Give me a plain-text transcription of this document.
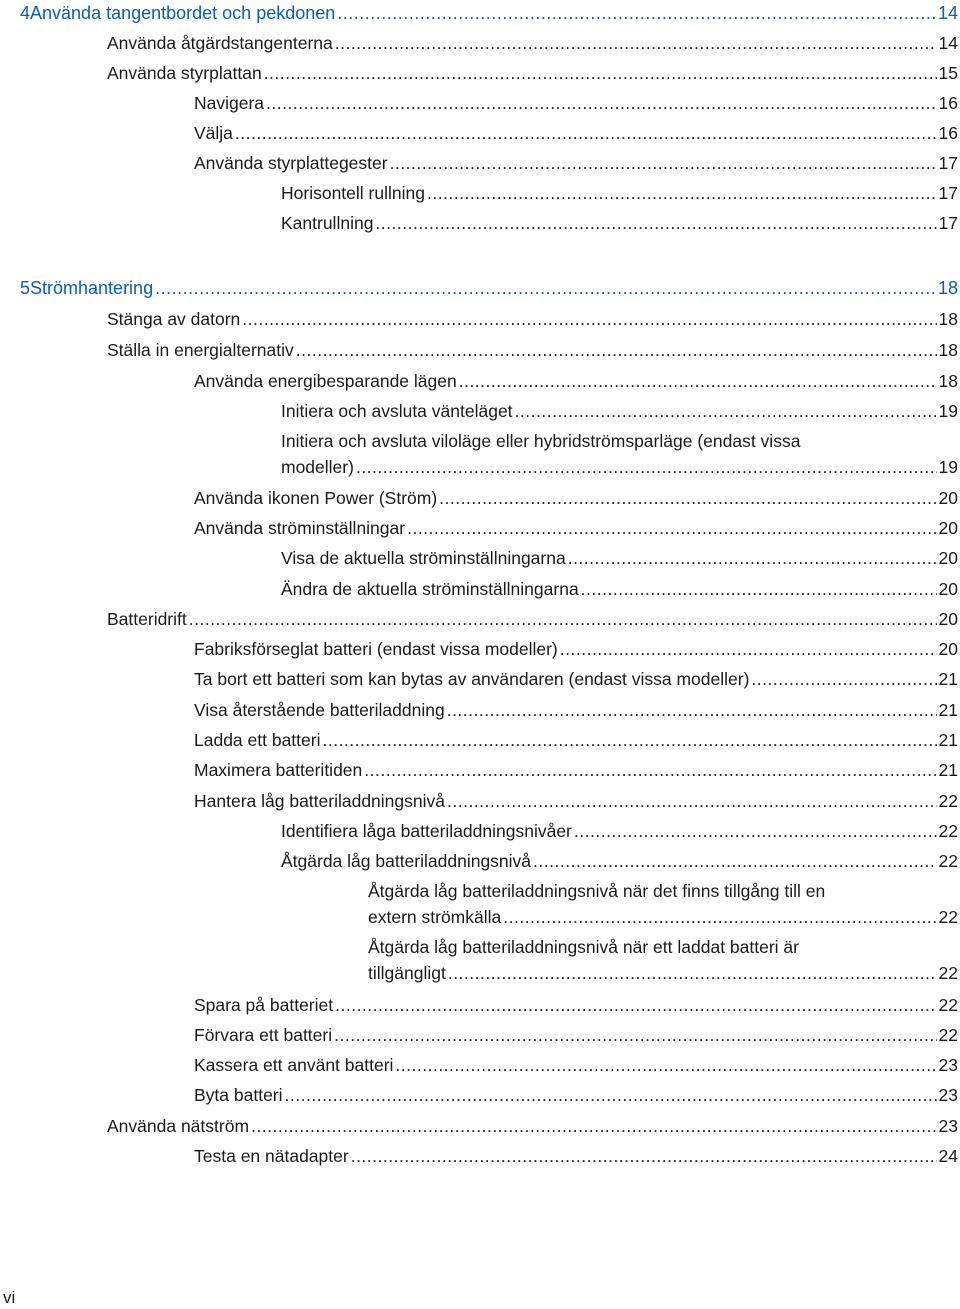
4 Använda tangentbordet och pekdonen .....	14
Använda åtgärdstangenterna .....	14
Använda styrplattan .....	15
Navigera .....	16
Välja .....	16
Använda styrplattegester .....	17
Horisontell rullning .....	17
Kantrullning .....	17
5 Strömhantering .....	18
Stänga av datorn .....	18
Ställa in energialternativ .....	18
Använda energibesparande lägen .....	18
Initiera och avsluta vänteläget .....	19
Initiera och avsluta viloläge eller hybridströmsparläge (endast vissa
modeller) .....	19
Använda ikonen Power (Ström) .....	20
Använda ströminställningar .....	20
Visa de aktuella ströminställningarna .....	20
Ändra de aktuella ströminställningarna .....	20
Batteridrift .....	20
Fabriksförseglat batteri (endast vissa modeller) .....	20
Ta bort ett batteri som kan bytas av användaren (endast vissa modeller) .....	21
Visa återstående batteriladdning .....	21
Ladda ett batteri .....	21
Maximera batteritiden .....	21
Hantera låg batteriladdningsnivå .....	22
Identifiera låga batteriladdningsnivåer .....	22
Åtgärda låg batteriladdningsnivå .....	22
Åtgärda låg batteriladdningsnivå när det finns tillgång till en
extern strömkälla .....	22
Åtgärda låg batteriladdningsnivå när ett laddat batteri är
tillgängligt .....	22
Spara på batteriet .....	22
Förvara ett batteri .....	22
Kassera ett använt batteri .....	23
Byta batteri .....	23
Använda nätström .....	23
Testa en nätadapter .....	24
vi
